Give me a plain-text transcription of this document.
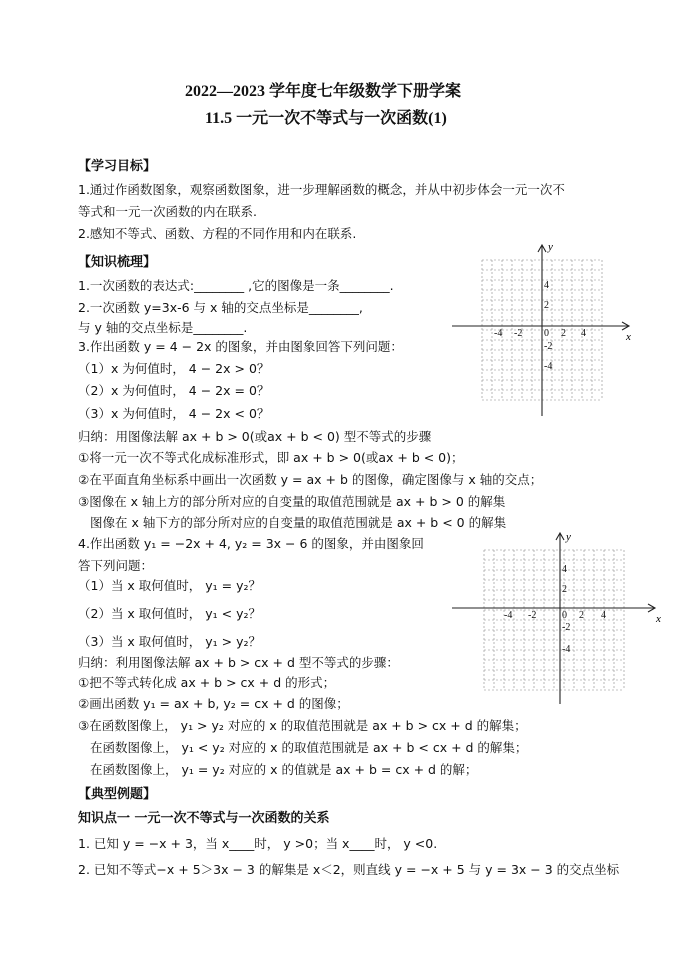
2022—2023 学年度七年级数学下册学案
11.5 一元一次不等式与一次函数(1)
【学习目标】
1.通过作函数图象，观察函数图象，进一步理解函数的概念，并从中初步体会一元一次不
等式和一元一次函数的内在联系.
2.感知不等式、函数、方程的不同作用和内在联系.
【知识梳理】
1.一次函数的表达式:________ ,它的图像是一条________.
2.一次函数 y=3x-6 与 x 轴的交点坐标是________,
与 y 轴的交点坐标是________.
3.作出函数 y = 4 − 2x 的图象，并由图象回答下列问题：
（1）x 为何值时， 4 − 2x > 0？
（2）x 为何值时， 4 − 2x = 0？
（3）x 为何值时， 4 − 2x < 0？
归纳：用图像法解 ax + b > 0(或ax + b < 0) 型不等式的步骤
①将一元一次不等式化成标准形式，即 ax + b > 0(或ax + b < 0)；
②在平面直角坐标系中画出一次函数 y = ax + b 的图像，确定图像与 x 轴的交点；
③图像在 x 轴上方的部分所对应的自变量的取值范围就是 ax + b > 0 的解集
图像在 x 轴下方的部分所对应的自变量的取值范围就是 ax + b < 0 的解集
4.作出函数 y₁ = −2x + 4, y₂ = 3x − 6 的图象，并由图象回
答下列问题：
（1）当 x 取何值时， y₁ = y₂？
（2）当 x 取何值时， y₁ < y₂？
（3）当 x 取何值时， y₁ > y₂？
归纳：利用图像法解 ax + b > cx + d 型不等式的步骤：
①把不等式转化成 ax + b > cx + d 的形式；
②画出函数 y₁ = ax + b, y₂ = cx + d 的图像；
③在函数图像上， y₁ > y₂ 对应的 x 的取值范围就是 ax + b > cx + d 的解集；
在函数图像上， y₁ < y₂ 对应的 x 的取值范围就是 ax + b < cx + d 的解集；
在函数图像上， y₁ = y₂ 对应的 x 的值就是 ax + b = cx + d 的解；
【典型例题】
知识点一 一元一次不等式与一次函数的关系
1. 已知 y = −x + 3，当 x____时， y >0；当 x____时， y <0.
2. 已知不等式−x + 5＞3x − 3 的解集是 x＜2，则直线 y = −x + 5 与 y = 3x − 3 的交点坐标
x
y
-4 -2 0 2 4
4
2
-2
-4
x
y
-4 -2	0 2 4
4
2
-2
-4
